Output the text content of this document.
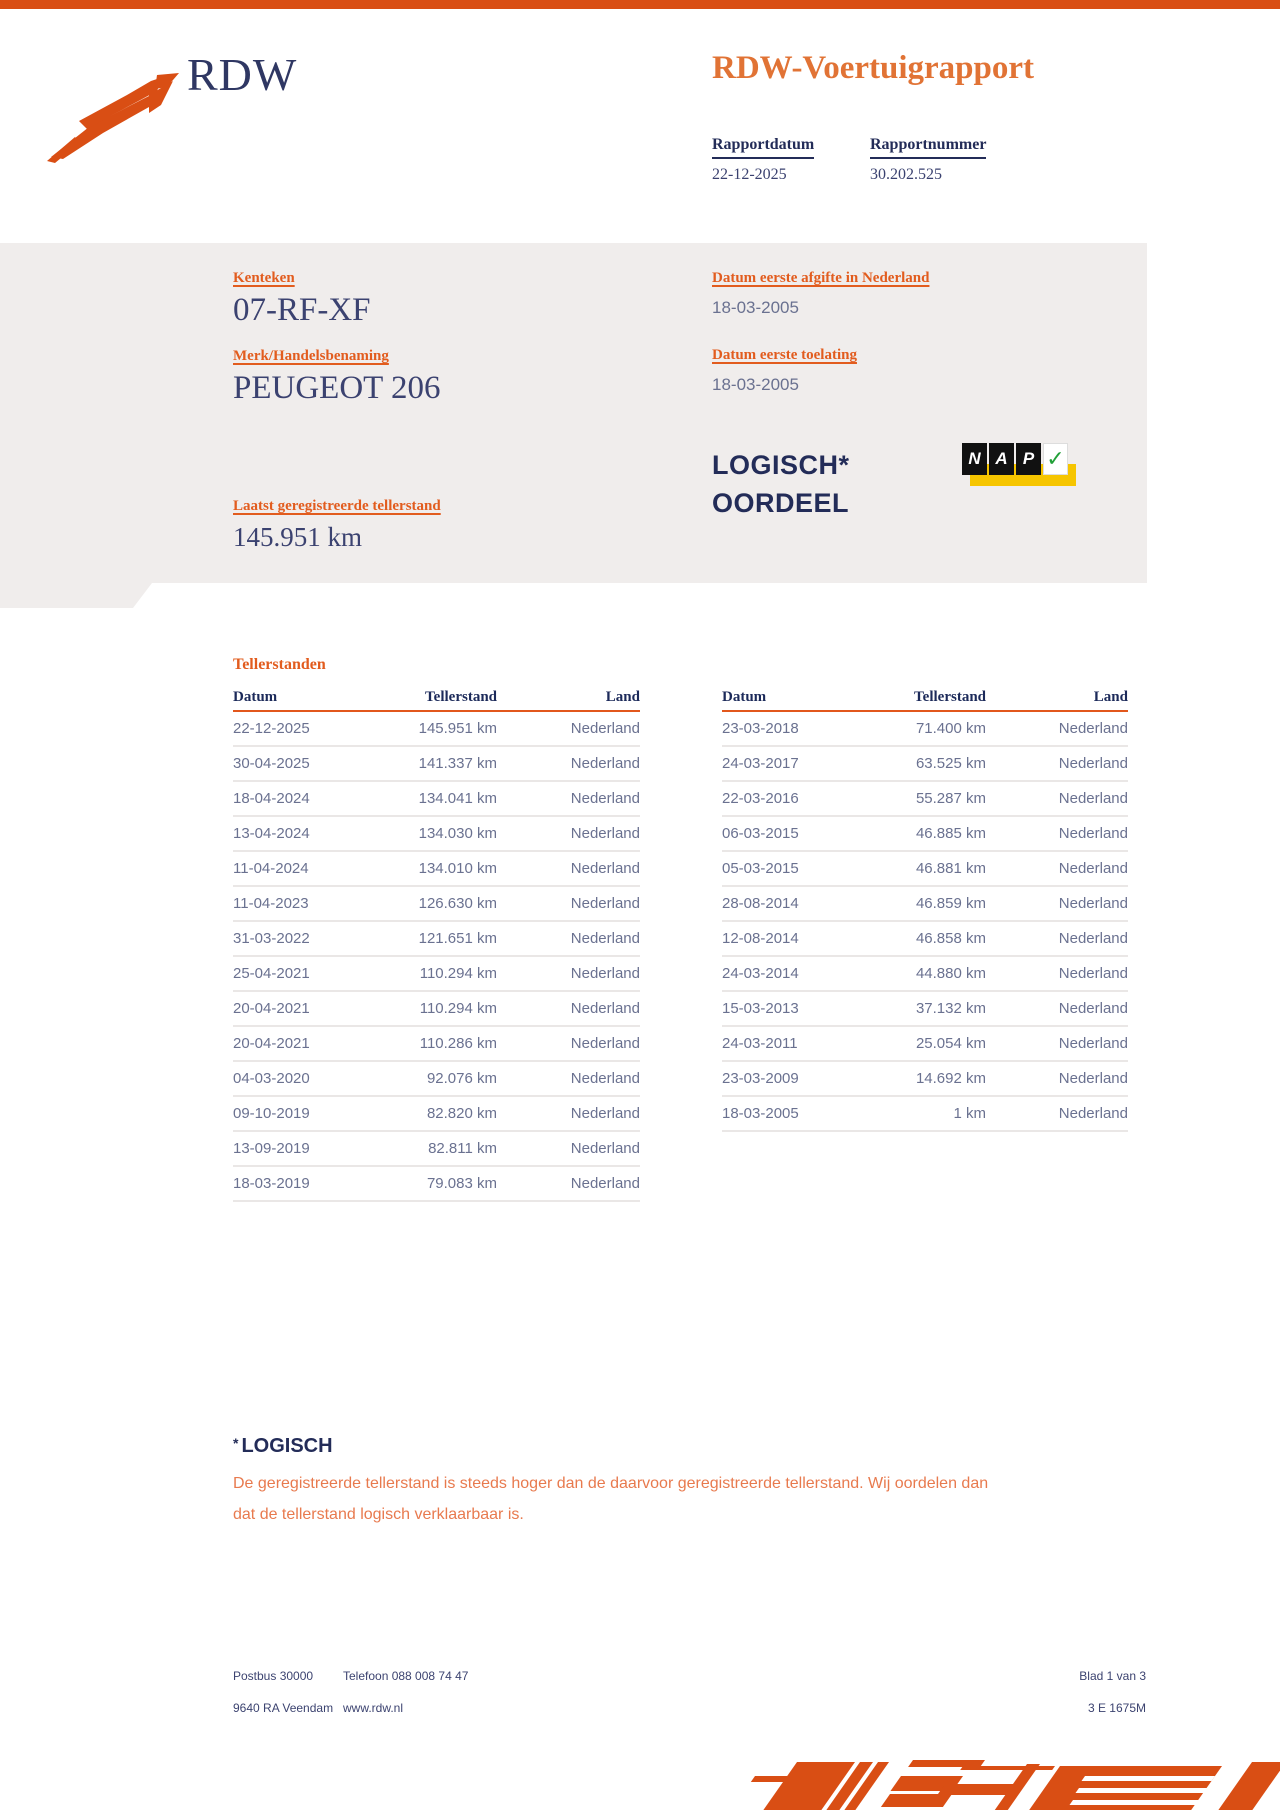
RDW	RDW-Voertuigrapport
Rapportdatum
22-12-2025
Rapportnummer
30.202.525
Kenteken
07-RF-XF
Merk/Handelsbenaming
PEUGEOT 206
Laatst geregistreerde tellerstand
145.951 km
Datum eerste afgifte in Nederland
18-03-2005
Datum eerste toelating
18-03-2005
LOGISCH*
OORDEEL
N A P ✓
Tellerstanden
Datum	Tellerstand	Land
22-12-2025	145.951 km	Nederland
30-04-2025	141.337 km	Nederland
18-04-2024	134.041 km	Nederland
13-04-2024	134.030 km	Nederland
11-04-2024	134.010 km	Nederland
11-04-2023	126.630 km	Nederland
31-03-2022	121.651 km	Nederland
25-04-2021	110.294 km	Nederland
20-04-2021	110.294 km	Nederland
20-04-2021	110.286 km	Nederland
04-03-2020	92.076 km	Nederland
09-10-2019	82.820 km	Nederland
13-09-2019	82.811 km	Nederland
18-03-2019	79.083 km	Nederland
Datum	Tellerstand	Land
23-03-2018	71.400 km	Nederland
24-03-2017	63.525 km	Nederland
22-03-2016	55.287 km	Nederland
06-03-2015	46.885 km	Nederland
05-03-2015	46.881 km	Nederland
28-08-2014	46.859 km	Nederland
12-08-2014	46.858 km	Nederland
24-03-2014	44.880 km	Nederland
15-03-2013	37.132 km	Nederland
24-03-2011	25.054 km	Nederland
23-03-2009	14.692 km	Nederland
18-03-2005	1 km	Nederland
* LOGISCH
De geregistreerde tellerstand is steeds hoger dan de daarvoor geregistreerde tellerstand. Wij oordelen dan
dat de tellerstand logisch verklaarbaar is.
Postbus 30000
9640 RA Veendam
Telefoon 088 008 74 47
www.rdw.nl
Blad 1 van 3
3 E 1675M
